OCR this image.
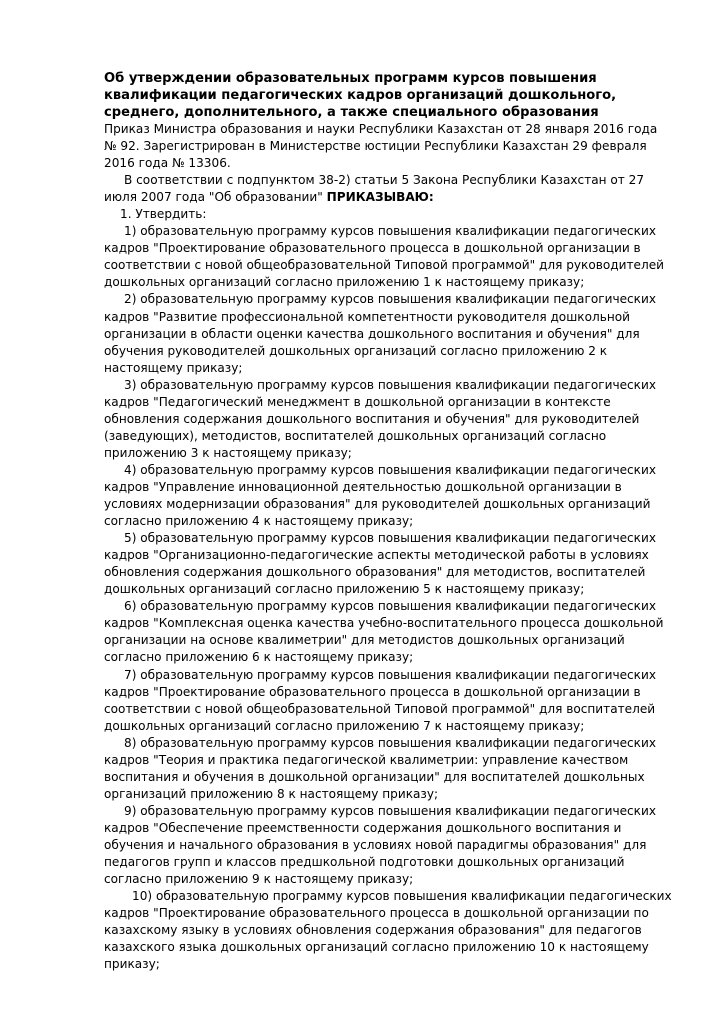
Об утверждении образовательных программ курсов повышения квалификации педагогических кадров организаций дошкольного, среднего, дополнительного, а также специального образования

Приказ Министра образования и науки Республики Казахстан от 28 января 2016 года № 92. Зарегистрирован в Министерстве юстиции Республики Казахстан 29 февраля 2016 года № 13306.

В соответствии с подпунктом 38-2) статьи 5 Закона Республики Казахстан от 27 июля 2007 года "Об образовании" ПРИКАЗЫВАЮ:

1. Утвердить:

1) образовательную программу курсов повышения квалификации педагогических кадров "Проектирование образовательного процесса в дошкольной организации в соответствии с новой общеобразовательной Типовой программой" для руководителей дошкольных организаций согласно приложению 1 к настоящему приказу;

2) образовательную программу курсов повышения квалификации педагогических кадров "Развитие профессиональной компетентности руководителя дошкольной организации в области оценки качества дошкольного воспитания и обучения" для обучения руководителей дошкольных организаций согласно приложению 2 к настоящему приказу;

3) образовательную программу курсов повышения квалификации педагогических кадров "Педагогический менеджмент в дошкольной организации в контексте обновления содержания дошкольного воспитания и обучения" для руководителей (заведующих), методистов, воспитателей дошкольных организаций согласно приложению 3 к настоящему приказу;

4) образовательную программу курсов повышения квалификации педагогических кадров "Управление инновационной деятельностью дошкольной организации в условиях модернизации образования" для руководителей дошкольных организаций согласно приложению 4 к настоящему приказу;

5) образовательную программу курсов повышения квалификации педагогических кадров "Организационно-педагогические аспекты методической работы в условиях обновления содержания дошкольного образования" для методистов, воспитателей дошкольных организаций согласно приложению 5 к настоящему приказу;

6) образовательную программу курсов повышения квалификации педагогических кадров "Комплексная оценка качества учебно-воспитательного процесса дошкольной организации на основе квалиметрии" для методистов дошкольных организаций согласно приложению 6 к настоящему приказу;

7) образовательную программу курсов повышения квалификации педагогических кадров "Проектирование образовательного процесса в дошкольной организации в соответствии с новой общеобразовательной Типовой программой" для воспитателей дошкольных организаций согласно приложению 7 к настоящему приказу;

8) образовательную программу курсов повышения квалификации педагогических кадров "Теория и практика педагогической квалиметрии: управление качеством воспитания и обучения в дошкольной организации" для воспитателей дошкольных организаций приложению 8 к настоящему приказу;

9) образовательную программу курсов повышения квалификации педагогических кадров "Обеспечение преемственности содержания дошкольного воспитания и обучения и начального образования в условиях новой парадигмы образования" для педагогов групп и классов предшкольной подготовки дошкольных организаций согласно приложению 9 к настоящему приказу;

10) образовательную программу курсов повышения квалификации педагогических кадров "Проектирование образовательного процесса в дошкольной организации по казахскому языку в условиях обновления содержания образования" для педагогов казахского языка дошкольных организаций согласно приложению 10 к настоящему приказу;
